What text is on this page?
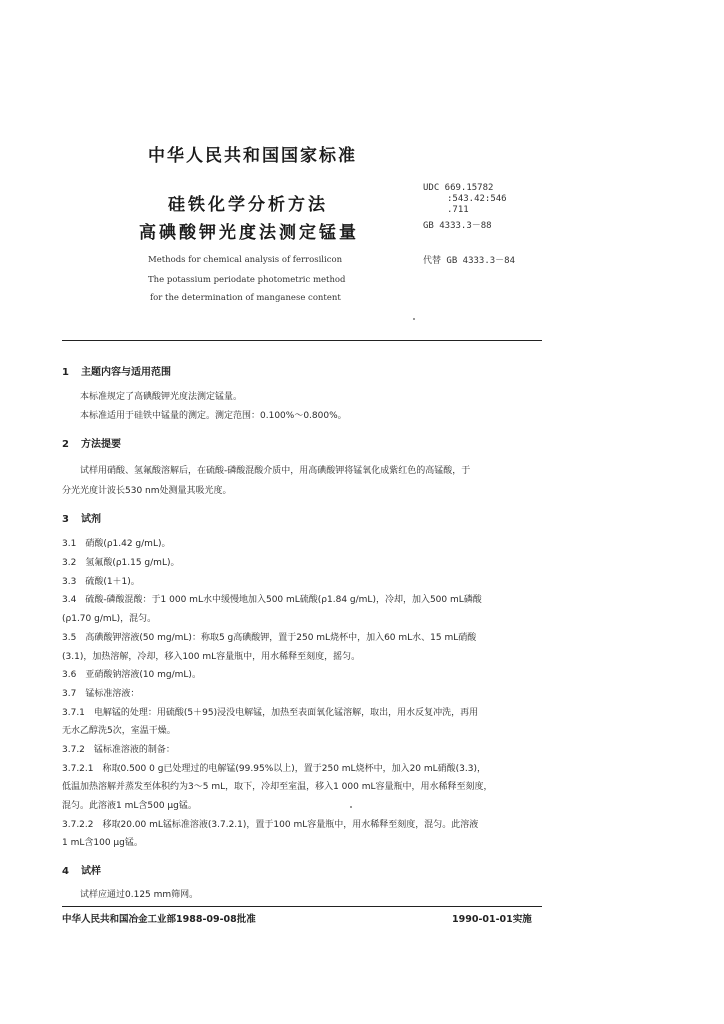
中华人民共和国国家标准
硅铁化学分析方法
高碘酸钾光度法测定锰量
Methods for chemical analysis of ferrosilicon
The potassium periodate photometric method
for the determination of manganese content
UDC 669.15782
:543.42:546
.711
GB 4333.3－88
代替 GB 4333.3－84
1 主题内容与适用范围
本标准规定了高碘酸钾光度法测定锰量。
本标准适用于硅铁中锰量的测定。测定范围：0.100%～0.800%。
2 方法提要
试样用硝酸、氢氟酸溶解后，在硫酸-磷酸混酸介质中，用高碘酸钾将锰氧化成紫红色的高锰酸，于
分光光度计波长530 nm处测量其吸光度。
3 试剂
3.1　硝酸(ρ1.42 g/mL)。
3.2　氢氟酸(ρ1.15 g/mL)。
3.3　硫酸(1＋1)。
3.4　硫酸-磷酸混酸：于1 000 mL水中缓慢地加入500 mL硫酸(ρ1.84 g/mL)，冷却，加入500 mL磷酸
(ρ1.70 g/mL)，混匀。
3.5　高碘酸钾溶液(50 mg/mL)：称取5 g高碘酸钾，置于250 mL烧杯中，加入60 mL水、15 mL硝酸
(3.1)，加热溶解，冷却，移入100 mL容量瓶中，用水稀释至刻度，摇匀。
3.6　亚硝酸钠溶液(10 mg/mL)。
3.7　锰标准溶液：
3.7.1　电解锰的处理：用硫酸(5＋95)浸没电解锰，加热至表面氧化锰溶解，取出，用水反复冲洗，再用
无水乙醇洗5次，室温干燥。
3.7.2　锰标准溶液的制备：
3.7.2.1　称取0.500 0 g已处理过的电解锰(99.95%以上)，置于250 mL烧杯中，加入20 mL硝酸(3.3)，
低温加热溶解并蒸发至体积约为3～5 mL，取下，冷却至室温，移入1 000 mL容量瓶中，用水稀释至刻度，
混匀。此溶液1 mL含500 μg锰。
3.7.2.2　移取20.00 mL锰标准溶液(3.7.2.1)，置于100 mL容量瓶中，用水稀释至刻度，混匀。此溶液
1 mL含100 μg锰。
4 试样
试样应通过0.125 mm筛网。
中华人民共和国冶金工业部1988-09-08批准	1990-01-01实施
